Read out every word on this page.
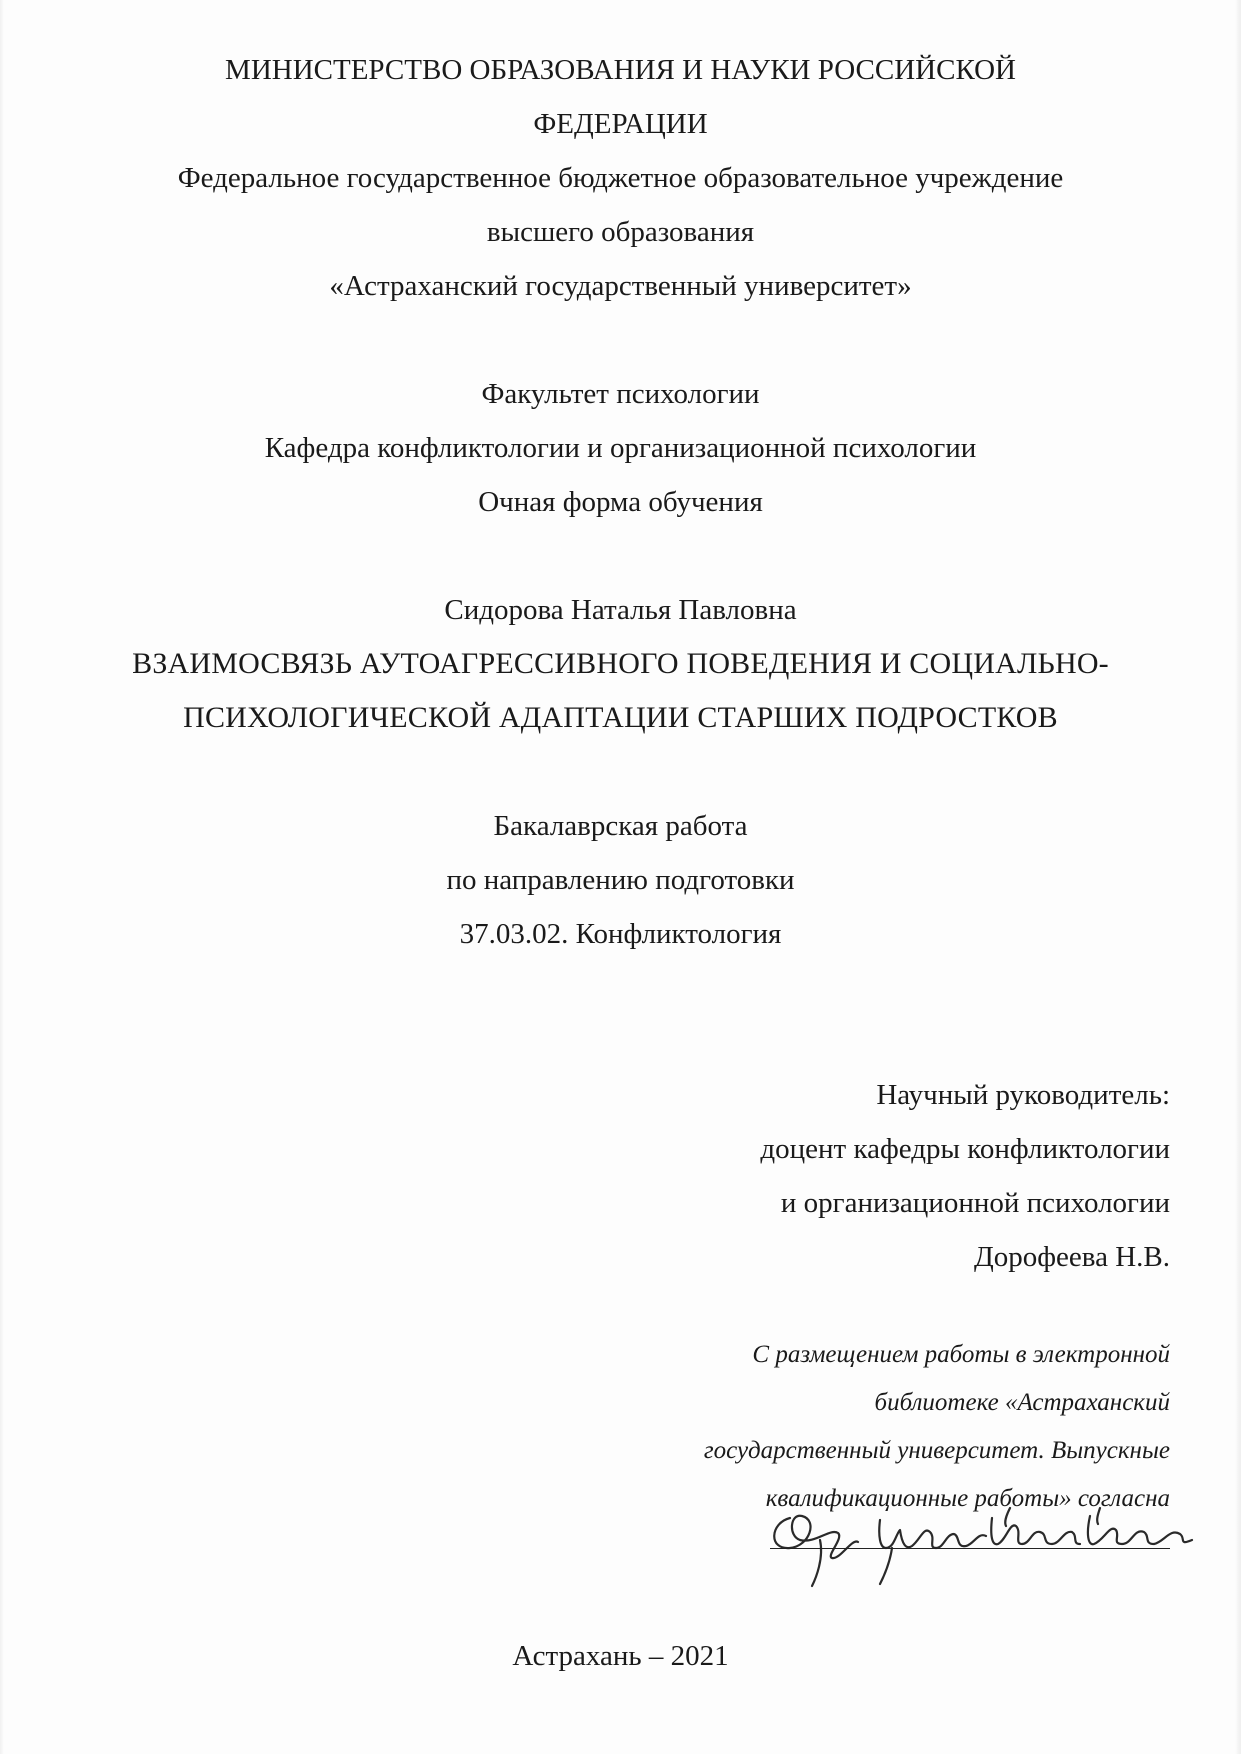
МИНИСТЕРСТВО ОБРАЗОВАНИЯ И НАУКИ РОССИЙСКОЙ
ФЕДЕРАЦИИ
Федеральное государственное бюджетное образовательное учреждение
высшего образования
«Астраханский государственный университет»
Факультет психологии
Кафедра конфликтологии и организационной психологии
Очная форма обучения
Сидорова Наталья Павловна
ВЗАИМОСВЯЗЬ АУТОАГРЕССИВНОГО ПОВЕДЕНИЯ И СОЦИАЛЬНО-
ПСИХОЛОГИЧЕСКОЙ АДАПТАЦИИ СТАРШИХ ПОДРОСТКОВ
Бакалаврская работа
по направлению подготовки
37.03.02. Конфликтология
Научный руководитель:
доцент кафедры конфликтологии
и организационной психологии
Дорофеева Н.В.
С размещением работы в электронной
библиотеке «Астраханский
государственный университет. Выпускные
квалификационные работы» согласна
Астрахань – 2021
